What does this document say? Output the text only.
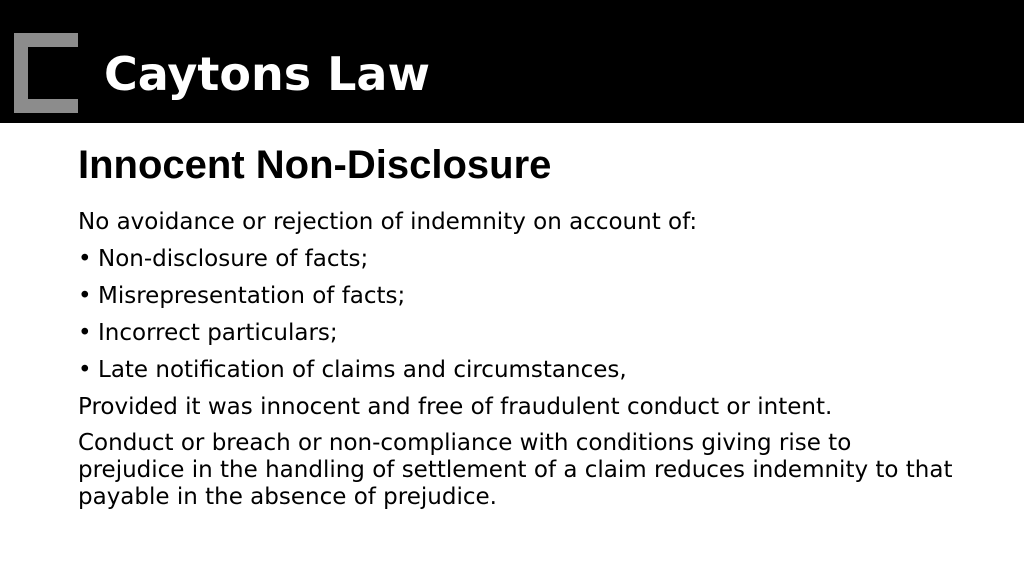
Caytons Law
Innocent Non-Disclosure
No avoidance or rejection of indemnity on account of:
• Non-disclosure of facts;
• Misrepresentation of facts;
• Incorrect particulars;
• Late notification of claims and circumstances,
Provided it was innocent and free of fraudulent conduct or intent.
Conduct or breach or non-compliance with conditions giving rise to prejudice in the handling of settlement of a claim reduces indemnity to that payable in the absence of prejudice.
